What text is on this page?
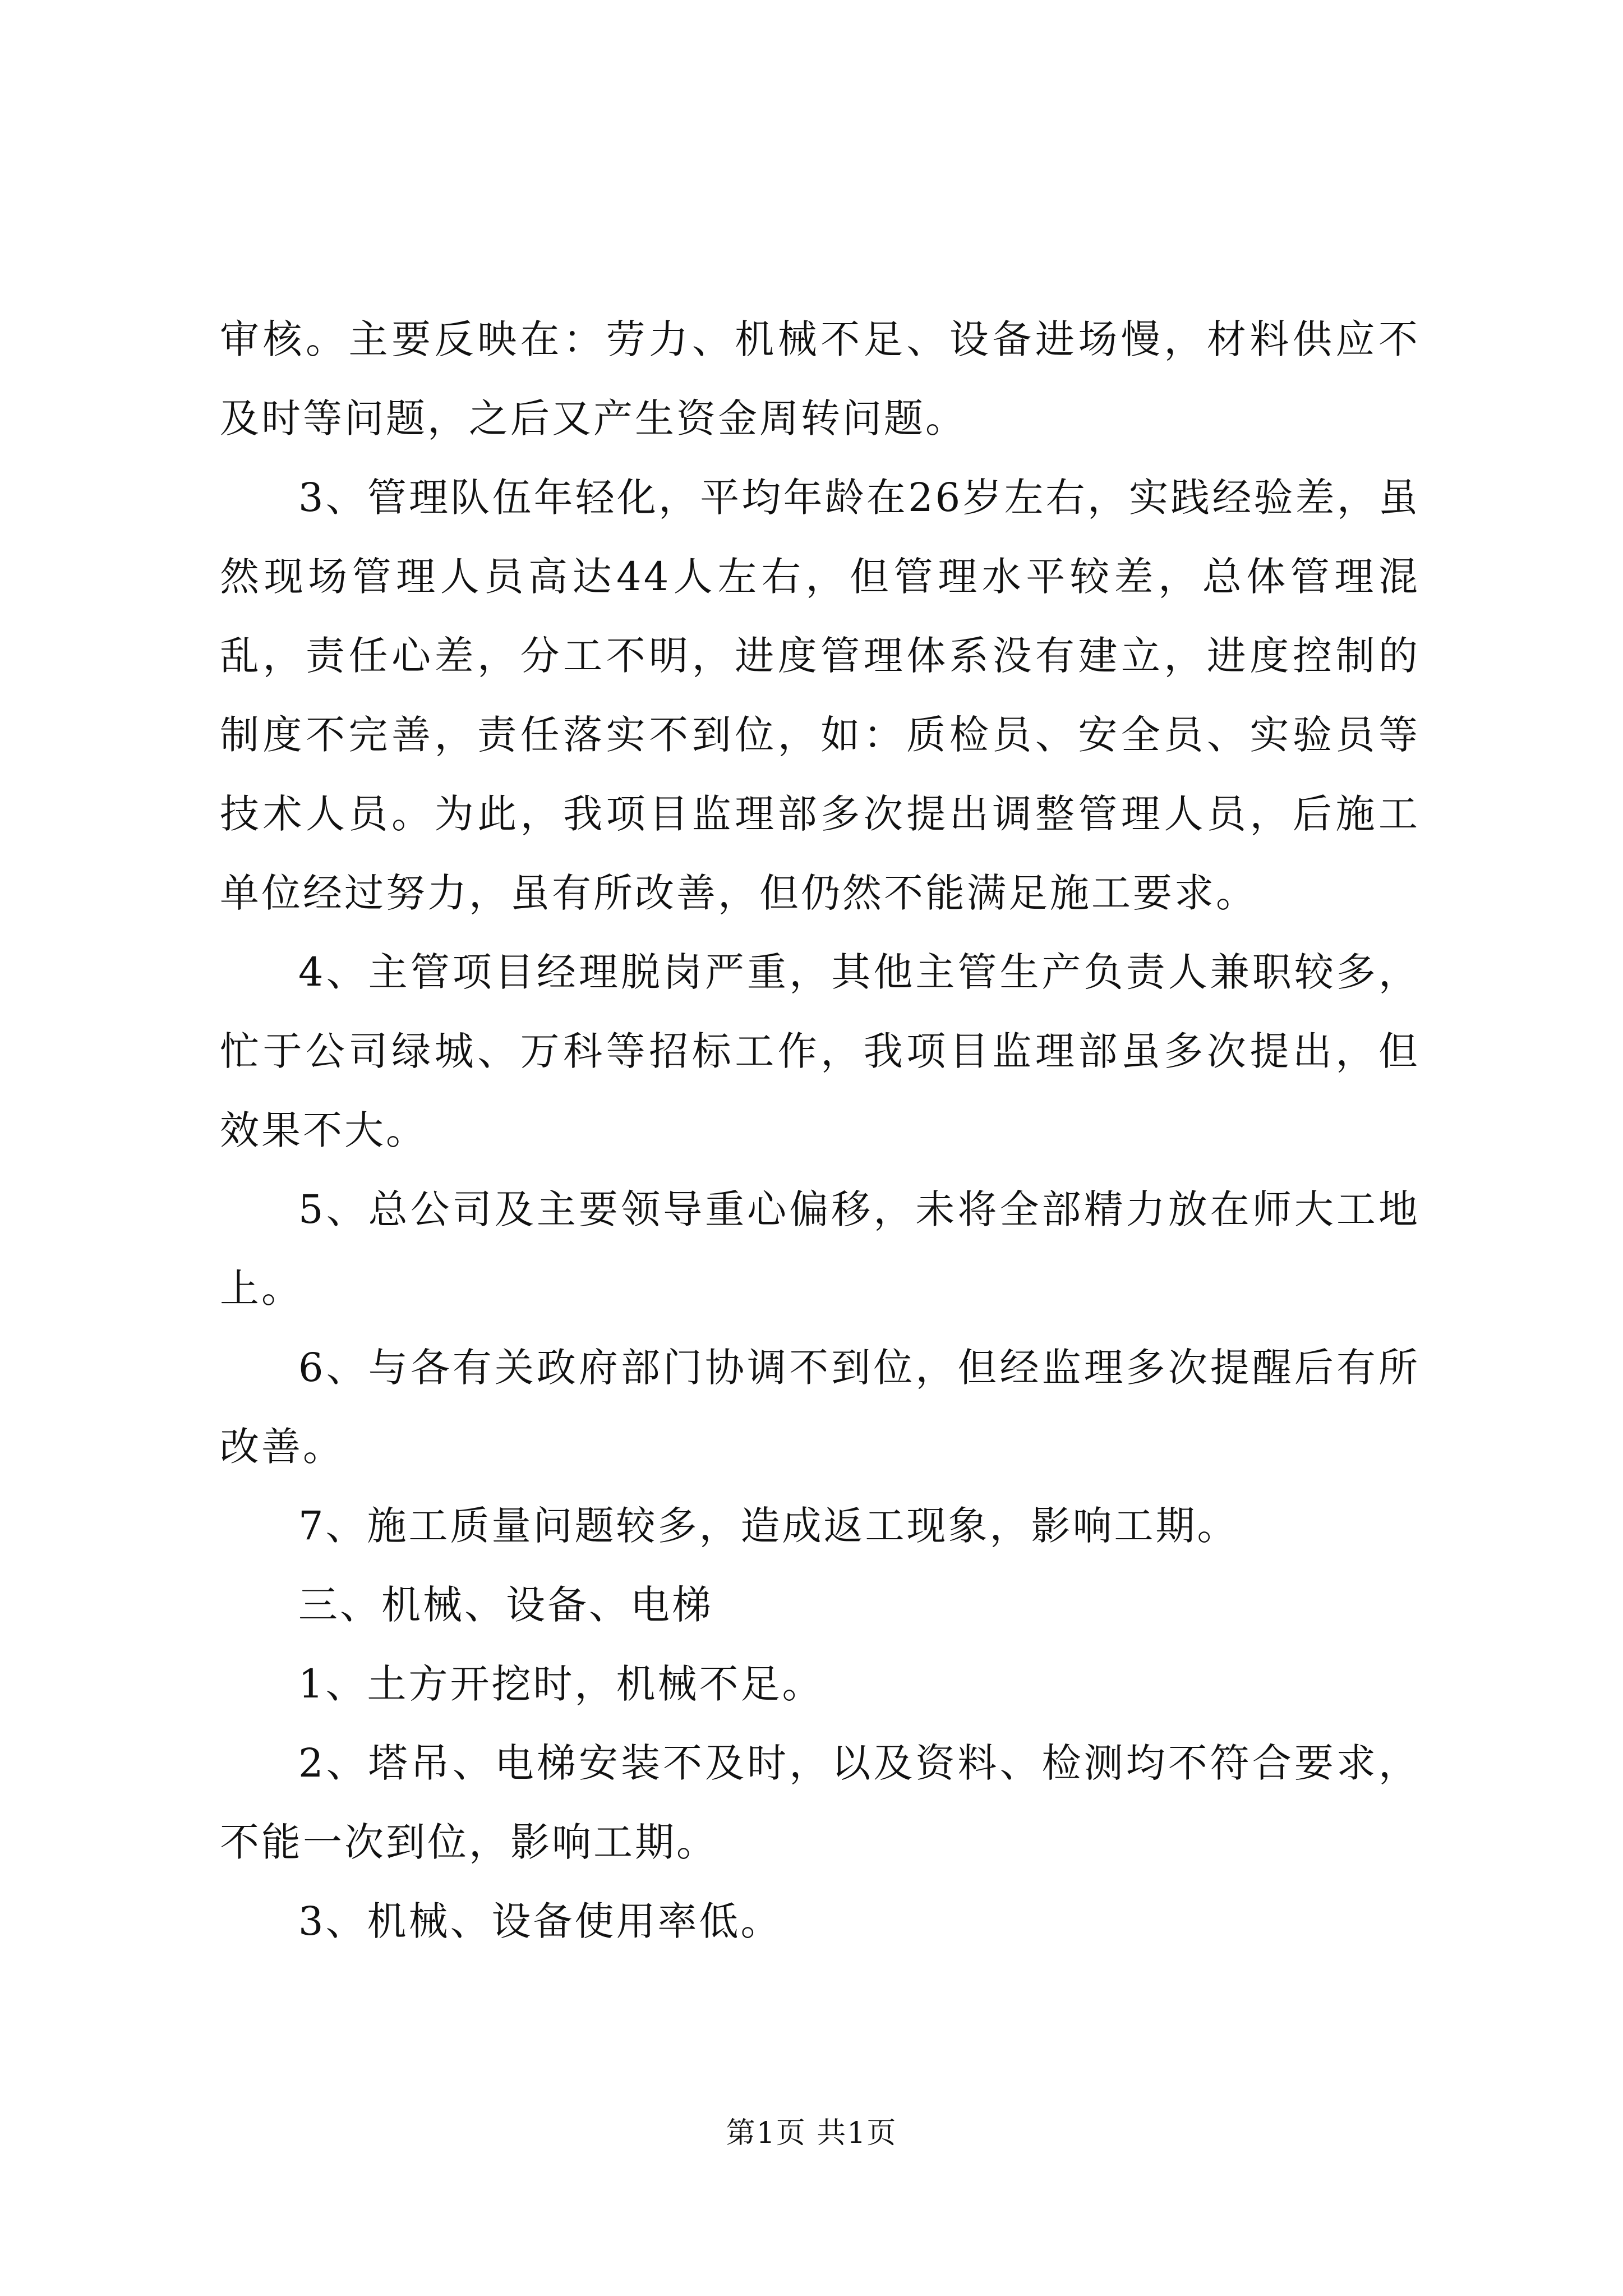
审核。主要反映在：劳力、机械不足、设备进场慢，材料供应不及时等问题，之后又产生资金周转问题。

3、管理队伍年轻化，平均年龄在26岁左右，实践经验差，虽然现场管理人员高达44人左右，但管理水平较差，总体管理混乱，责任心差，分工不明，进度管理体系没有建立，进度控制的制度不完善，责任落实不到位，如：质检员、安全员、实验员等技术人员。为此，我项目监理部多次提出调整管理人员，后施工单位经过努力，虽有所改善，但仍然不能满足施工要求。

4、主管项目经理脱岗严重，其他主管生产负责人兼职较多，忙于公司绿城、万科等招标工作，我项目监理部虽多次提出，但效果不大。

5、总公司及主要领导重心偏移，未将全部精力放在师大工地上。

6、与各有关政府部门协调不到位，但经监理多次提醒后有所改善。

7、施工质量问题较多，造成返工现象，影响工期。

三、机械、设备、电梯

1、土方开挖时，机械不足。

2、塔吊、电梯安装不及时，以及资料、检测均不符合要求，不能一次到位，影响工期。

3、机械、设备使用率低。

第1页 共1页
